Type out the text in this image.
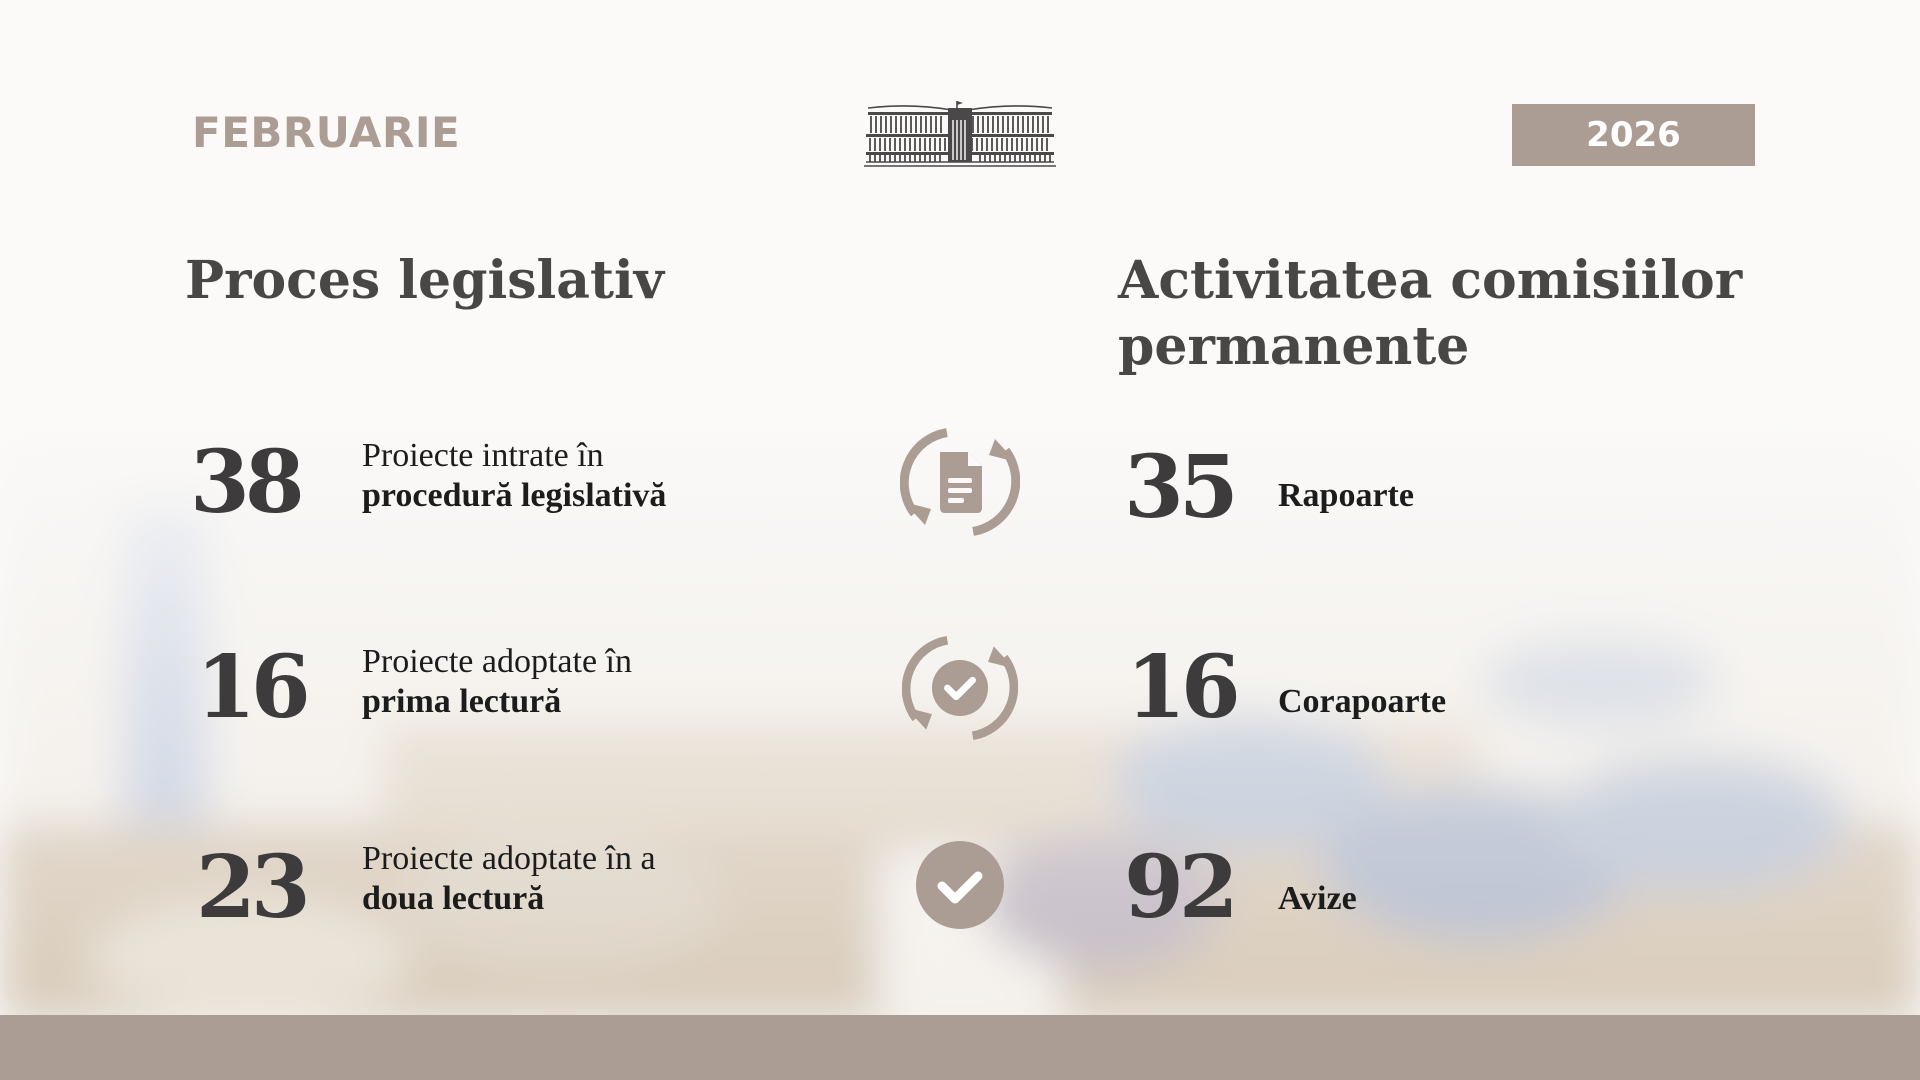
FEBRUARIE	2026
Proces legislativ	Activitatea comisiilor
permanente
38 Proiecte intrate în
procedură legislativă
16 Proiecte adoptate în
prima lectură
23 Proiecte adoptate în a
doua lectură
35 Rapoarte
16 Corapoarte
92 Avize
